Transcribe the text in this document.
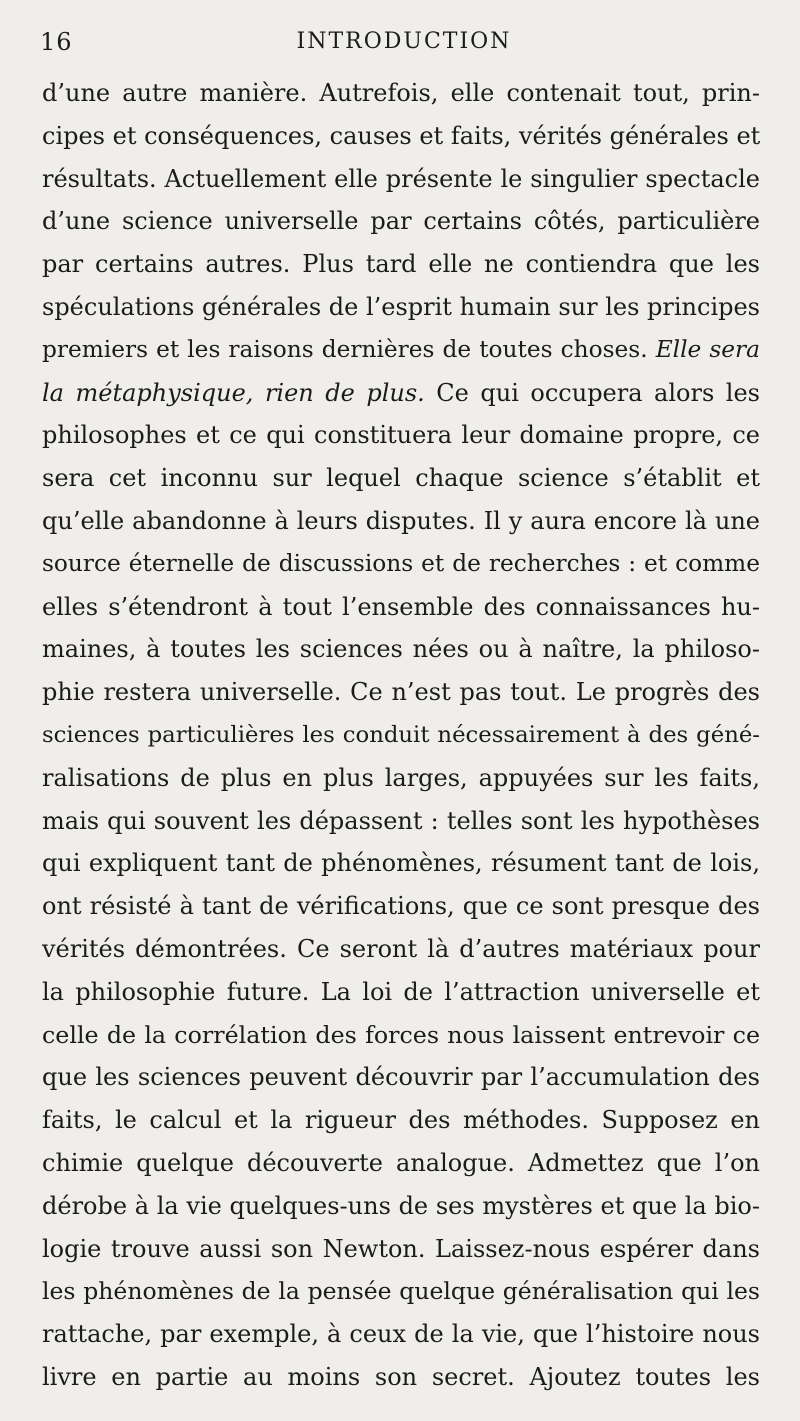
16	INTRODUCTION
d’une autre manière. Autrefois, elle contenait tout, prin-
cipes et conséquences, causes et faits, vérités générales et
résultats. Actuellement elle présente le singulier spectacle
d’une science universelle par certains côtés, particulière
par certains autres. Plus tard elle ne contiendra que les
spéculations générales de l’esprit humain sur les principes
premiers et les raisons dernières de toutes choses. Elle sera
la métaphysique, rien de plus. Ce qui occupera alors les
philosophes et ce qui constituera leur domaine propre, ce
sera cet inconnu sur lequel chaque science s’établit et
qu’elle abandonne à leurs disputes. Il y aura encore là une
source éternelle de discussions et de recherches : et comme
elles s’étendront à tout l’ensemble des connaissances hu-
maines, à toutes les sciences nées ou à naître, la philoso-
phie restera universelle. Ce n’est pas tout. Le progrès des
sciences particulières les conduit nécessairement à des géné-
ralisations de plus en plus larges, appuyées sur les faits,
mais qui souvent les dépassent : telles sont les hypothèses
qui expliquent tant de phénomènes, résument tant de lois,
ont résisté à tant de vérifications, que ce sont presque des
vérités démontrées. Ce seront là d’autres matériaux pour
la philosophie future. La loi de l’attraction universelle et
celle de la corrélation des forces nous laissent entrevoir ce
que les sciences peuvent découvrir par l’accumulation des
faits, le calcul et la rigueur des méthodes. Supposez en
chimie quelque découverte analogue. Admettez que l’on
dérobe à la vie quelques-uns de ses mystères et que la bio-
logie trouve aussi son Newton. Laissez-nous espérer dans
les phénomènes de la pensée quelque généralisation qui les
rattache, par exemple, à ceux de la vie, que l’histoire nous
livre en partie au moins son secret. Ajoutez toutes les
